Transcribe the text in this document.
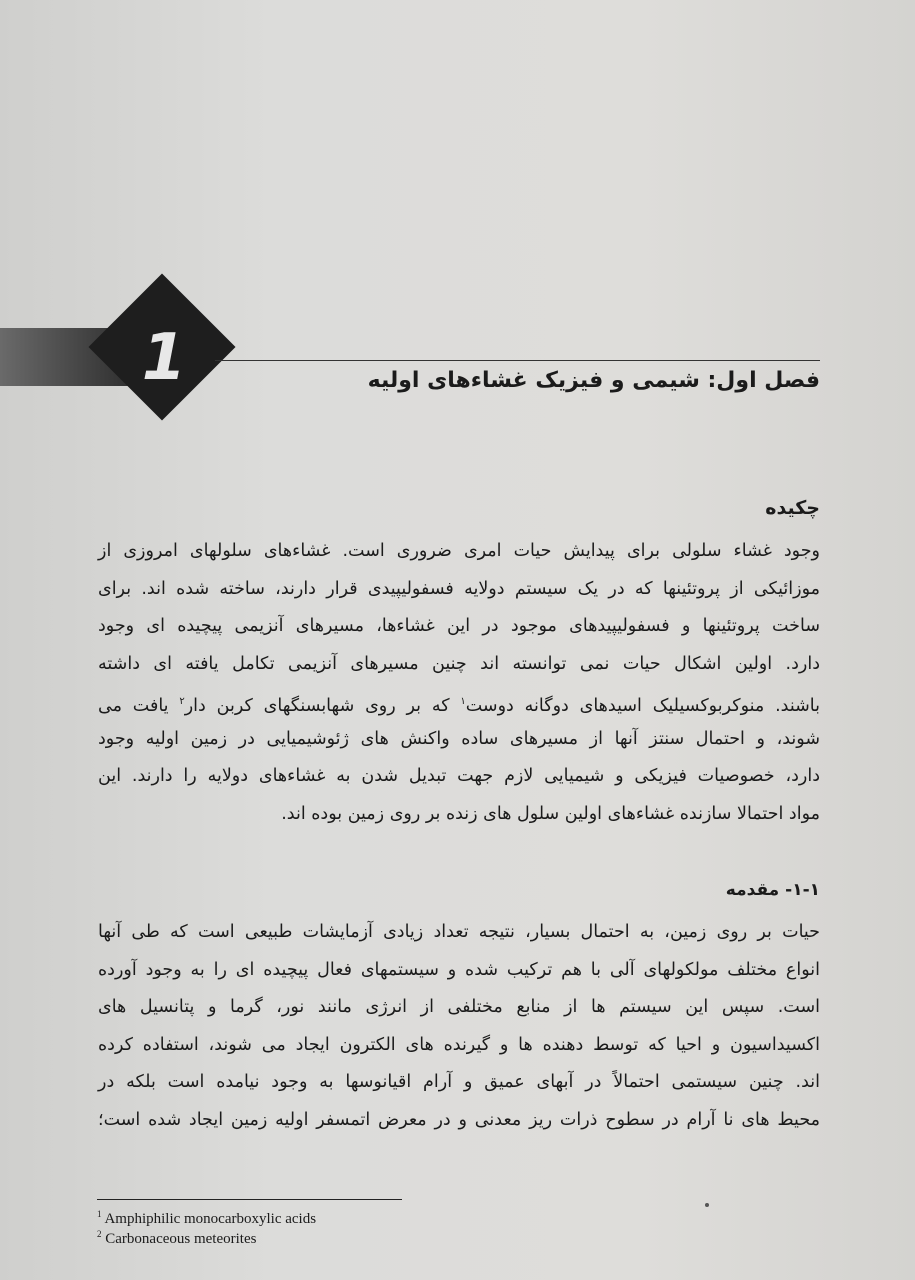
1	فصل اول: شیمی و فیزیک غشاءهای اولیه
چکیده
وجود غشاء سلولی برای پیدایش حیات امری ضروری است. غشاءهای سلولهای امروزی از
موزائیکی از پروتئینها که در یک سیستم دولایه فسفولیپیدی قرار دارند، ساخته شده اند. برای
ساخت پروتئینها و فسفولیپیدهای موجود در این غشاءها، مسیرهای آنزیمی پیچیده ای وجود
دارد. اولین اشکال حیات نمی توانسته اند چنین مسیرهای آنزیمی تکامل یافته ای داشته
باشند. منوکربوکسیلیک اسیدهای دوگانه دوست$^۱$ که بر روی شهابسنگهای کربن دار$^۲$ یافت می
شوند، و احتمال سنتز آنها از مسیرهای ساده واکنش های ژئوشیمیایی در زمین اولیه وجود
دارد، خصوصیات فیزیکی و شیمیایی لازم جهت تبدیل شدن به غشاءهای دولایه را دارند. این
مواد احتمالا سازنده غشاءهای اولین سلول های زنده بر روی زمین بوده اند.
۱-۱- مقدمه
حیات بر روی زمین، به احتمال بسیار، نتیجه تعداد زیادی آزمایشات طبیعی است که طی آنها
انواع مختلف مولکولهای آلی با هم ترکیب شده و سیستمهای فعال پیچیده ای را به وجود آورده
است. سپس این سیستم ها از منابع مختلفی از انرژی مانند نور، گرما و پتانسیل های
اکسیداسیون و احیا که توسط دهنده ها و گیرنده های الکترون ایجاد می شوند، استفاده کرده
اند. چنین سیستمی احتمالاً در آبهای عمیق و آرام اقیانوسها به وجود نیامده است بلکه در
محیط های نا آرام در سطوح ذرات ریز معدنی و در معرض اتمسفر اولیه زمین ایجاد شده است؛
$^1$ Amphiphilic monocarboxylic acids
$^2$ Carbonaceous meteorites
